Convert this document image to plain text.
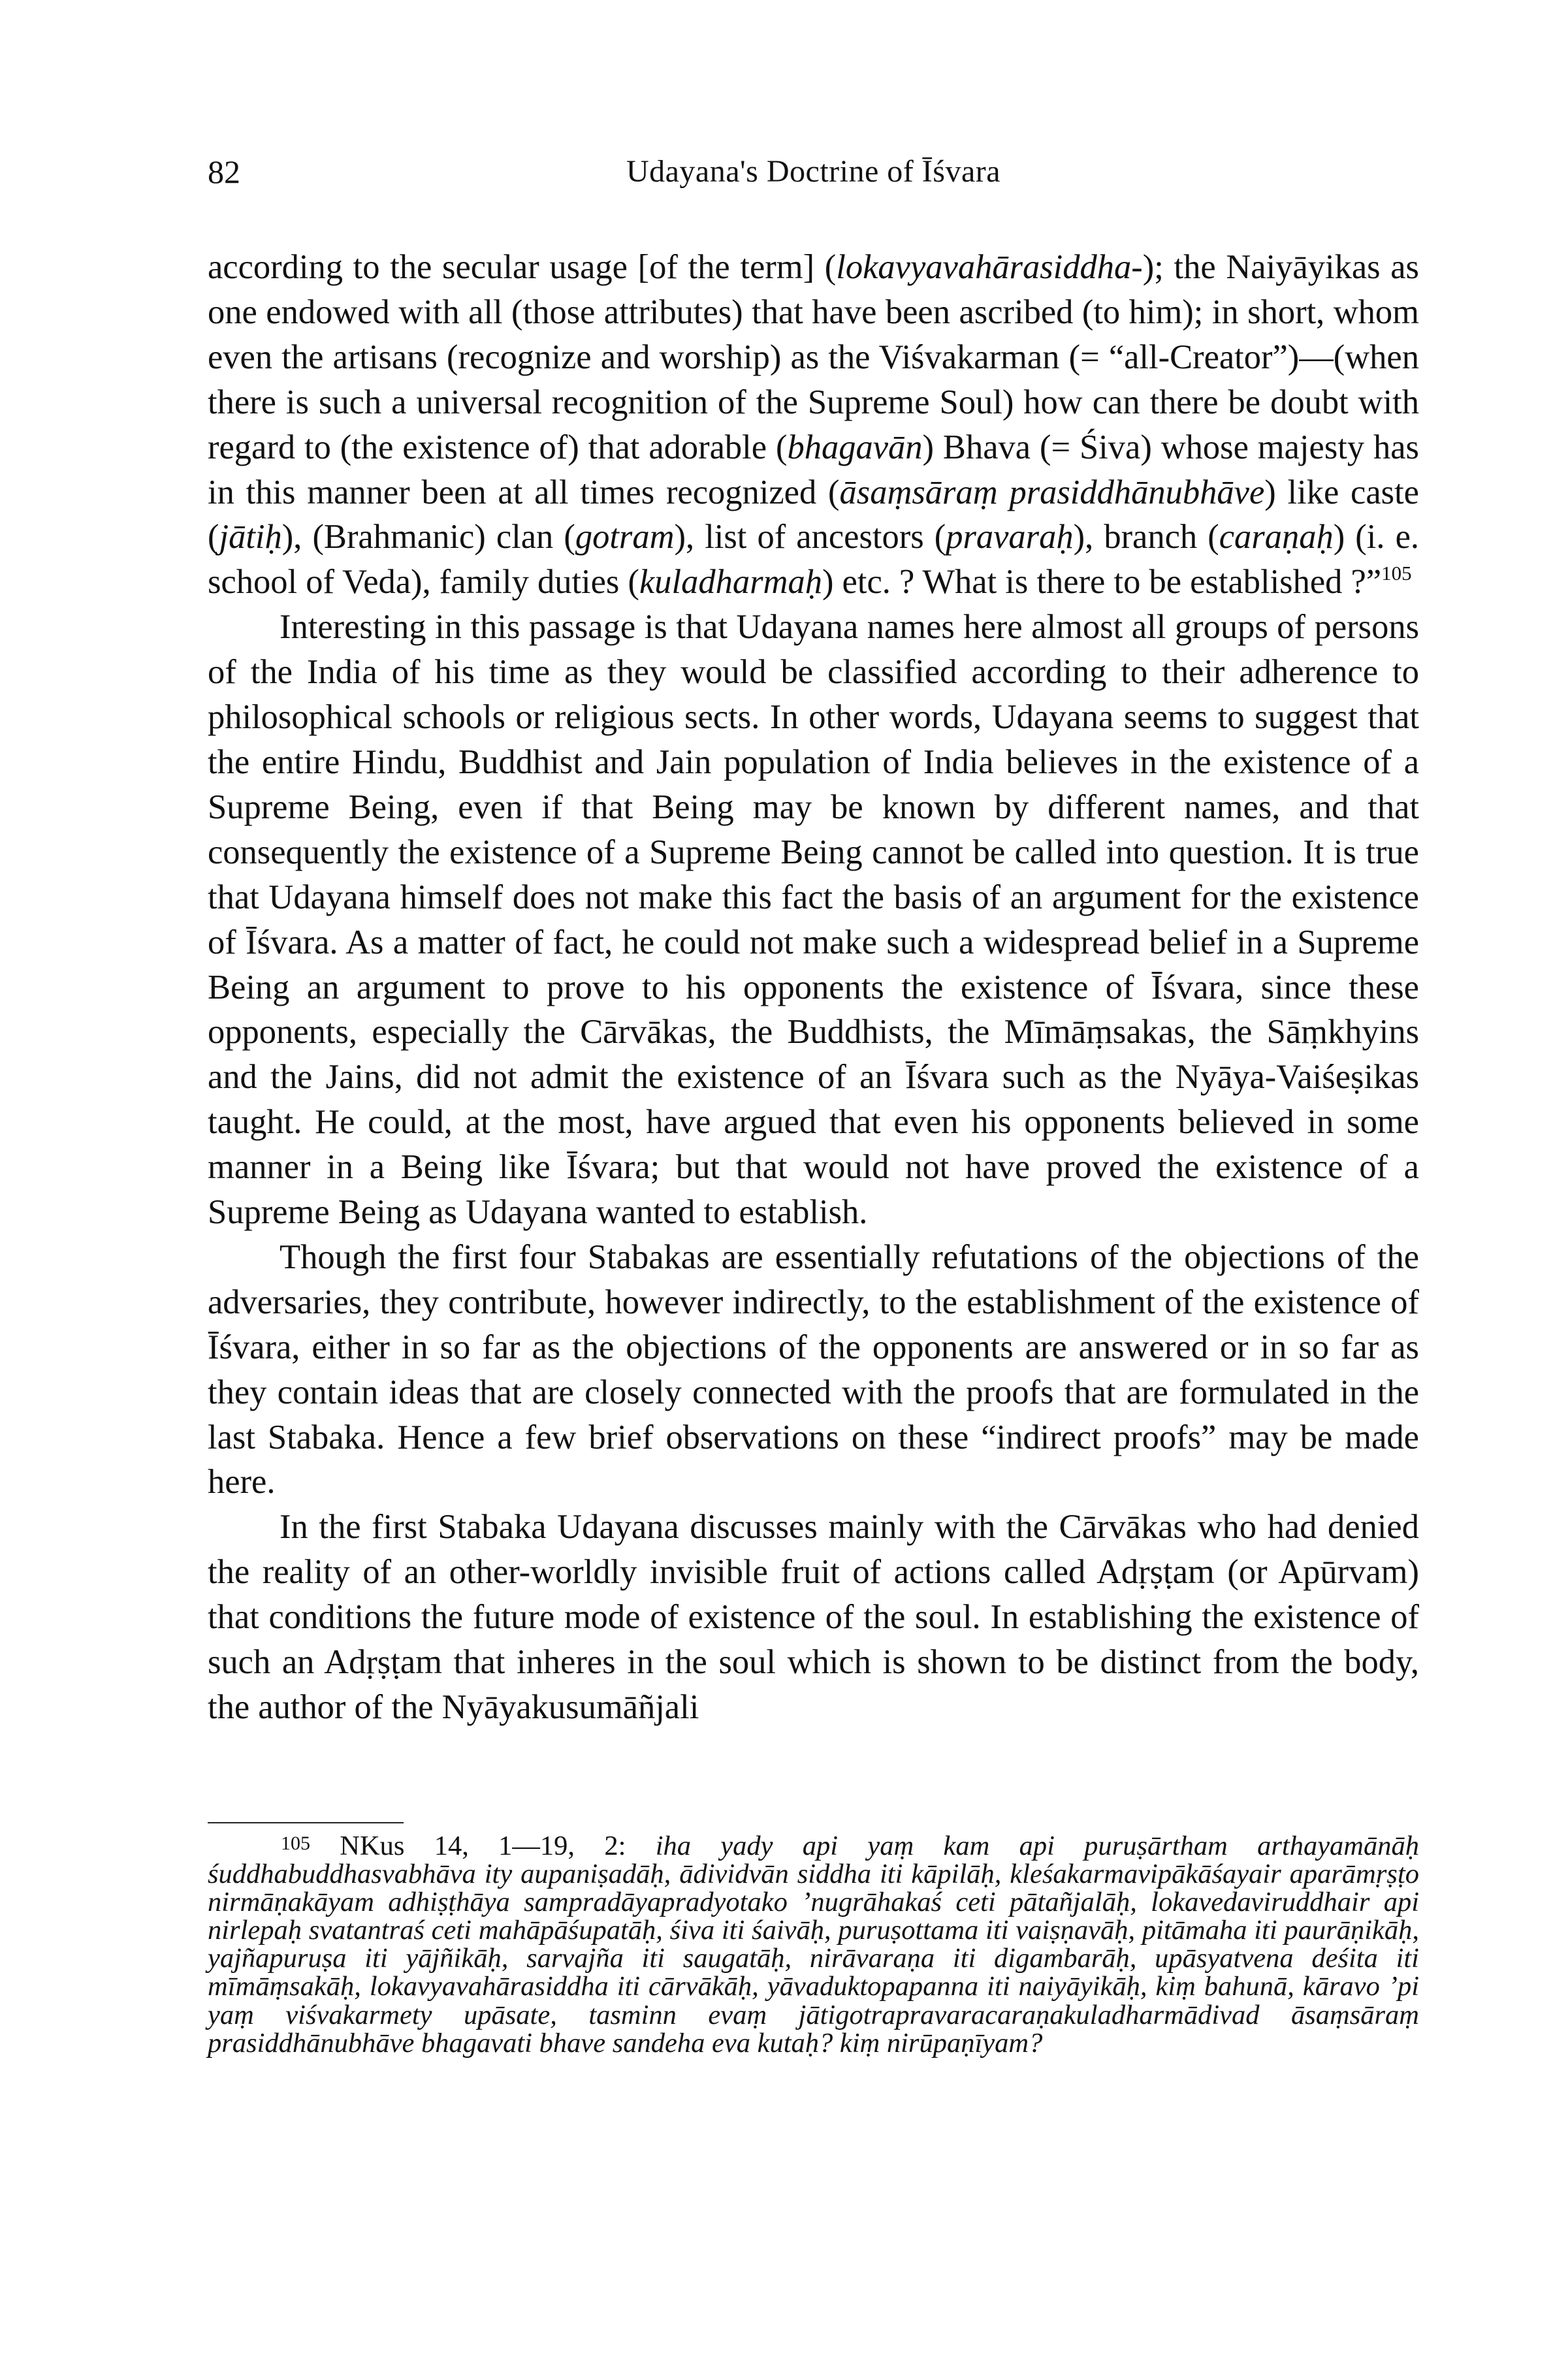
82	Udayana's Doctrine of Īśvara

according to the secular usage [of the term] (lokavyavahārasiddha-); the Naiyāyikas as one endowed with all (those attributes) that have been ascribed (to him); in short, whom even the artisans (recognize and worship) as the Viśvakarman (= “all-Creator”)—(when there is such a universal recognition of the Supreme Soul) how can there be doubt with regard to (the existence of) that adorable (bhagavān) Bhava (= Śiva) whose majesty has in this manner been at all times recognized (āsaṃsāraṃ prasiddhānubhāve) like caste (jātiḥ), (Brahmanic) clan (gotram), list of ancestors (pravaraḥ), branch (caraṇaḥ) (i. e. school of Veda), family duties (kuladharmaḥ) etc. ? What is there to be established ?”$^{105}$

Interesting in this passage is that Udayana names here almost all groups of persons of the India of his time as they would be classified according to their adherence to philosophical schools or religious sects. In other words, Udayana seems to suggest that the entire Hindu, Buddhist and Jain population of India believes in the existence of a Supreme Being, even if that Being may be known by different names, and that consequently the existence of a Supreme Being cannot be called into question. It is true that Udayana himself does not make this fact the basis of an argument for the existence of Īśvara. As a matter of fact, he could not make such a widespread belief in a Supreme Being an argument to prove to his opponents the existence of Īśvara, since these opponents, especially the Cārvākas, the Buddhists, the Mīmāṃsakas, the Sāṃkhyins and the Jains, did not admit the existence of an Īśvara such as the Nyāya-Vaiśeṣikas taught. He could, at the most, have argued that even his opponents believed in some manner in a Being like Īśvara; but that would not have proved the existence of a Supreme Being as Udayana wanted to establish.

Though the first four Stabakas are essentially refutations of the objections of the adversaries, they contribute, however indirectly, to the establishment of the existence of Īśvara, either in so far as the objections of the opponents are answered or in so far as they contain ideas that are closely connected with the proofs that are formulated in the last Stabaka. Hence a few brief observations on these “indirect proofs” may be made here.

In the first Stabaka Udayana discusses mainly with the Cārvākas who had denied the reality of an other-worldly invisible fruit of actions called Adṛṣṭam (or Apūrvam) that conditions the future mode of existence of the soul. In establishing the existence of such an Adṛṣṭam that inheres in the soul which is shown to be distinct from the body, the author of the Nyāyakusumāñjali

105 NKus 14, 1—19, 2: iha yady api yaṃ kam api puruṣārtham arthayamānāḥ śuddhabuddhasvabhāva ity aupaniṣadāḥ, ādividvān siddha iti kāpilāḥ, kleśakarmavipākāśayair aparāmṛṣṭo nirmāṇakāyam adhiṣṭhāya sampradāyapradyotako ’nugrāhakaś ceti pātañjalāḥ, lokavedaviruddhair api nirlepaḥ svatantraś ceti mahāpāśupatāḥ, śiva iti śaivāḥ, puruṣottama iti vaiṣṇavāḥ, pitāmaha iti paurāṇikāḥ, yajñapuruṣa iti yājñikāḥ, sarvajña iti saugatāḥ, nirāvaraṇa iti digambarāḥ, upāsyatvena deśita iti mīmāṃsakāḥ, lokavyavahārasiddha iti cārvākāḥ, yāvaduktopapanna iti naiyāyikāḥ, kiṃ bahunā, kāravo ’pi yaṃ viśvakarmety upāsate, tasminn evaṃ jātigotrapravaracaraṇakuladharmādivad āsaṃsāraṃ prasiddhānubhāve bhagavati bhave sandeha eva kutaḥ? kiṃ nirūpaṇīyam?
